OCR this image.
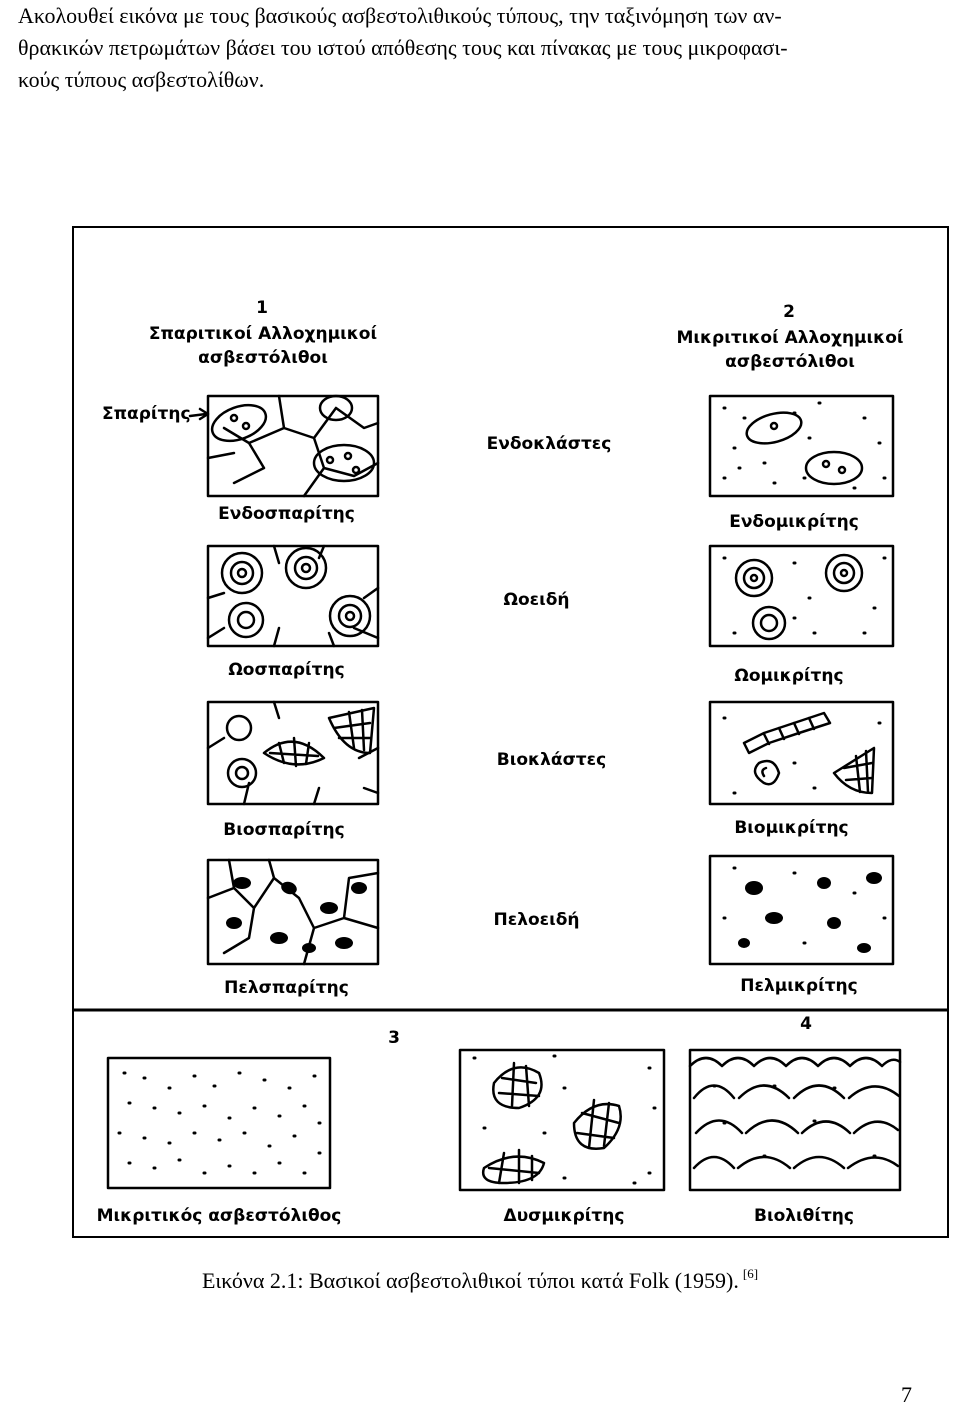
Ακολουθεί εικόνα με τους βασικούς ασβεστολιθικούς τύπους, την ταξινόμηση των αν-
θρακικών πετρωμάτων βάσει του ιστού απόθεσης τους και πίνακας με τους μικροφασι-
κούς τύπους ασβεστολίθων.
1
Σπαριτικοί Αλλοχημικοί
ασβεστόλιθοι
2
Μικριτικοί Αλλοχημικοί
ασβεστόλιθοι
Σπαρίτης
Ενδοκλάστες
Ενδοσπαρίτης	Ενδομικρίτης
Ωοειδή
Ωοσπαρίτης	Ωομικρίτης
Βιοκλάστες
Βιοσπαρίτης	Βιομικρίτης
Πελοειδή
Πελσπαρίτης	Πελμικρίτης
3
4
Μικριτικός ασβεστόλιθος	Δυσμικρίτης	Βιολιθίτης
Εικόνα 2.1: Βασικοί ασβεστολιθικοί τύποι κατά Folk (1959). [6]
7
